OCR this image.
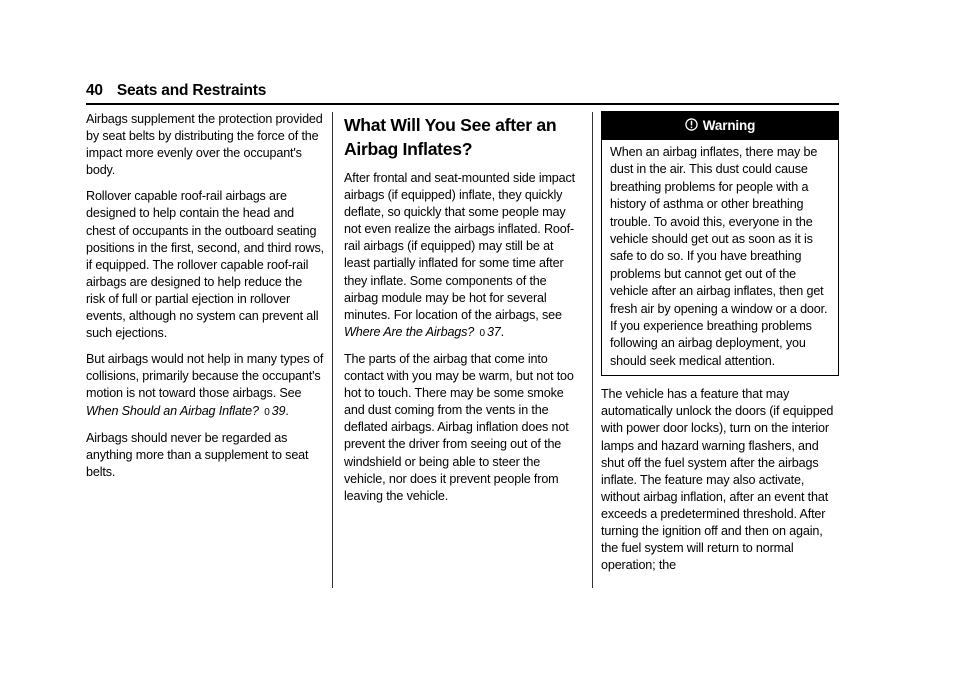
40 Seats and Restraints

Airbags supplement the protection provided by seat belts by distributing the force of the impact more evenly over the occupant's body.

Rollover capable roof-rail airbags are designed to help contain the head and chest of occupants in the outboard seating positions in the first, second, and third rows, if equipped. The rollover capable roof-rail airbags are designed to help reduce the risk of full or partial ejection in rollover events, although no system can prevent all such ejections.

But airbags would not help in many types of collisions, primarily because the occupant's motion is not toward those airbags. See When Should an Airbag Inflate? 0 39.

Airbags should never be regarded as anything more than a supplement to seat belts.

What Will You See after an Airbag Inflates?

After frontal and seat-mounted side impact airbags (if equipped) inflate, they quickly deflate, so quickly that some people may not even realize the airbags inflated. Roof-rail airbags (if equipped) may still be at least partially inflated for some time after they inflate. Some components of the airbag module may be hot for several minutes. For location of the airbags, see Where Are the Airbags? 0 37.

The parts of the airbag that come into contact with you may be warm, but not too hot to touch. There may be some smoke and dust coming from the vents in the deflated airbags. Airbag inflation does not prevent the driver from seeing out of the windshield or being able to steer the vehicle, nor does it prevent people from leaving the vehicle.

Warning
When an airbag inflates, there may be dust in the air. This dust could cause breathing problems for people with a history of asthma or other breathing trouble. To avoid this, everyone in the vehicle should get out as soon as it is safe to do so. If you have breathing problems but cannot get out of the vehicle after an airbag inflates, then get fresh air by opening a window or a door. If you experience breathing problems following an airbag deployment, you should seek medical attention.

The vehicle has a feature that may automatically unlock the doors (if equipped with power door locks), turn on the interior lamps and hazard warning flashers, and shut off the fuel system after the airbags inflate. The feature may also activate, without airbag inflation, after an event that exceeds a predetermined threshold. After turning the ignition off and then on again, the fuel system will return to normal operation; the
